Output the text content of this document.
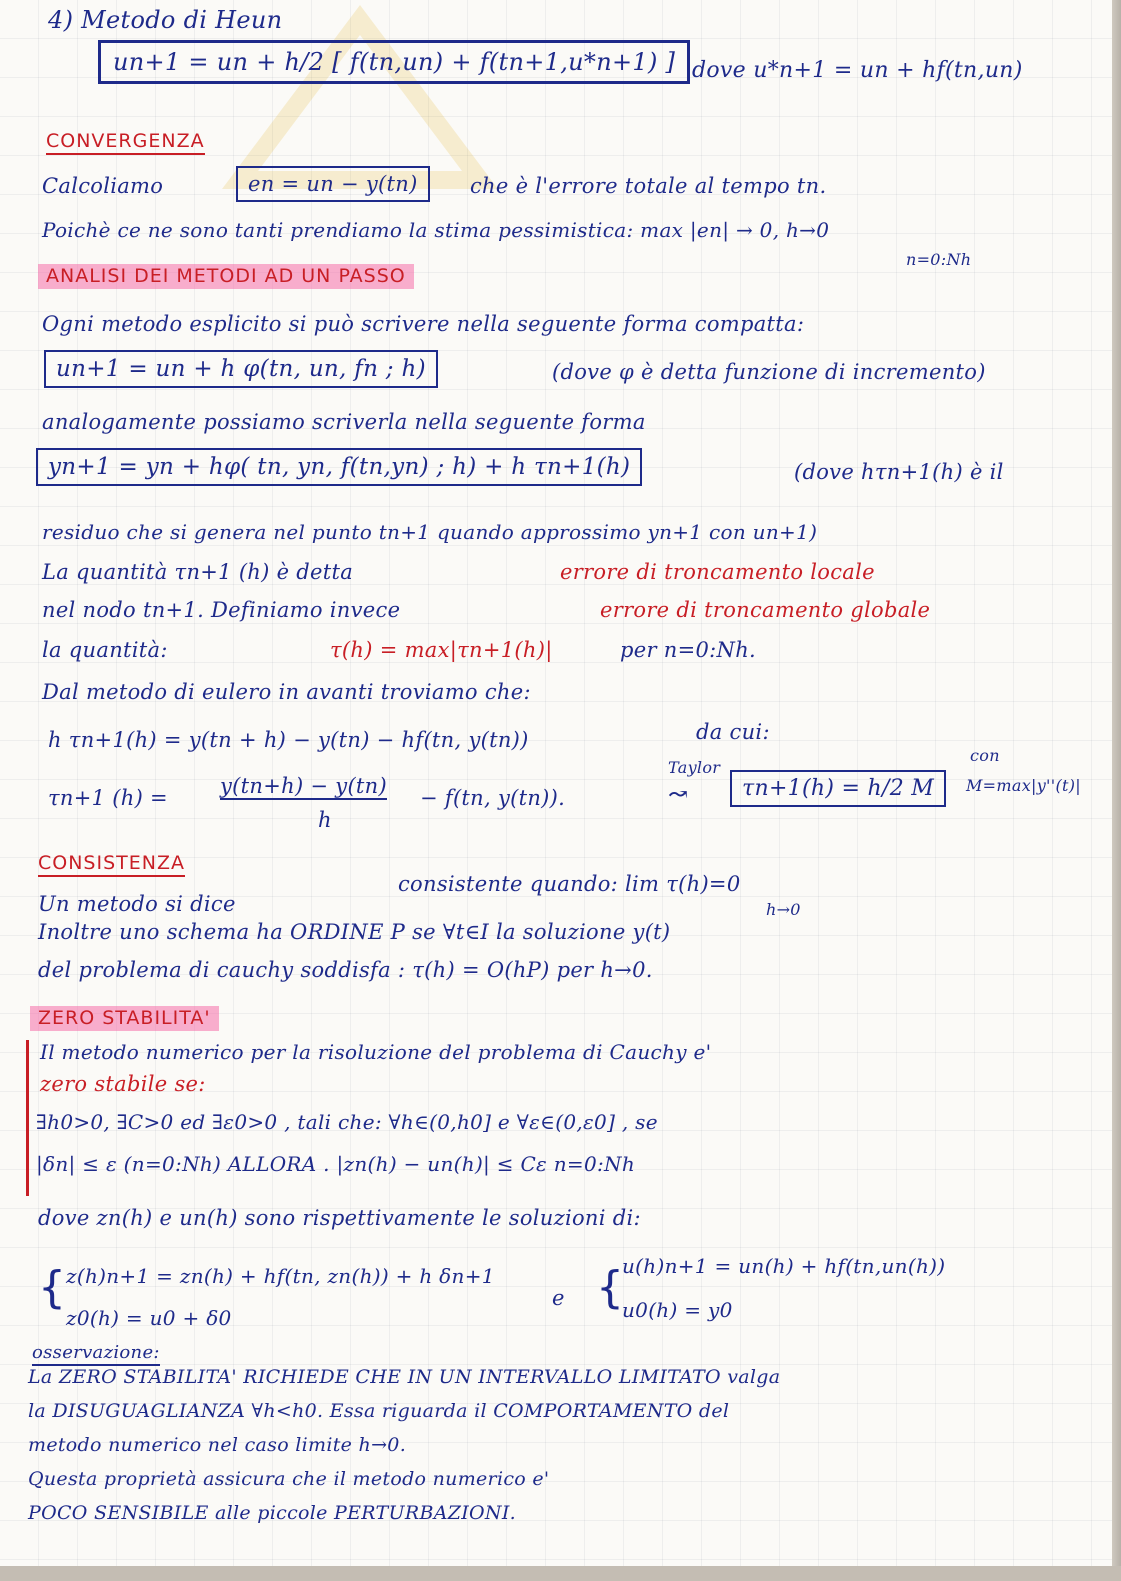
4) Metodo di Heun
un+1 = un + h/2 [ f(tn,un) + f(tn+1,u*n+1) ] dove u*n+1 = un + hf(tn,un)
CONVERGENZA
Calcoliamo	en = un − y(tn)	che è l'errore totale al tempo tn.
Poichè ce ne sono tanti prendiamo la stima pessimistica: max |en| → 0, h→0
n=0:Nh
ANALISI DEI METODI AD UN PASSO
Ogni metodo esplicito si può scrivere nella seguente forma compatta:
un+1 = un + h φ(tn, un, fn ; h)	(dove φ è detta funzione di incremento)
analogamente possiamo scriverla nella seguente forma
yn+1 = yn + hφ( tn, yn, f(tn,yn) ; h) + h τn+1(h)	(dove hτn+1(h) è il
residuo che si genera nel punto tn+1 quando approssimo yn+1 con un+1)
La quantità τn+1 (h) è detta	errore di troncamento locale
nel nodo tn+1. Definiamo invece	errore di troncamento globale
la quantità:	τ(h) = max|τn+1(h)|	per n=0:Nh.
Dal metodo di eulero in avanti troviamo che:
h τn+1(h) = y(tn + h) − y(tn) − hf(tn, y(tn))	da cui:
τn+1 (h) = y(tn+h) − y(tn)
h
− f(tn, y(tn)).
Taylor
↝	τn+1(h) = h/2 M
con
M=max|y''(t)|
CONSISTENZA
Un metodo si dice
consistente quando: lim τ(h)=0
h→0
Inoltre uno schema ha ORDINE P se ∀t∈I la soluzione y(t)
del problema di cauchy soddisfa : τ(h) = O(hP) per h→0.
ZERO STABILITA'
Il metodo numerico per la risoluzione del problema di Cauchy e'
zero stabile se:
∃h0>0, ∃C>0 ed ∃ε0>0 , tali che: ∀h∈(0,h0] e ∀ε∈(0,ε0] , se
|δn| ≤ ε (n=0:Nh) ALLORA . |zn(h) − un(h)| ≤ Cε n=0:Nh
dove zn(h) e un(h) sono rispettivamente le soluzioni di:
{ z(h)n+1 = zn(h) + hf(tn, zn(h)) + h δn+1
z0(h) = u0 + δ0
e {
u(h)n+1 = un(h) + hf(tn,un(h))
u0(h) = y0
osservazione:
La ZERO STABILITA' RICHIEDE CHE IN UN INTERVALLO LIMITATO valga
la DISUGUAGLIANZA ∀h<h0. Essa riguarda il COMPORTAMENTO del
metodo numerico nel caso limite h→0.
Questa proprietà assicura che il metodo numerico e'
POCO SENSIBILE alle piccole PERTURBAZIONI.
